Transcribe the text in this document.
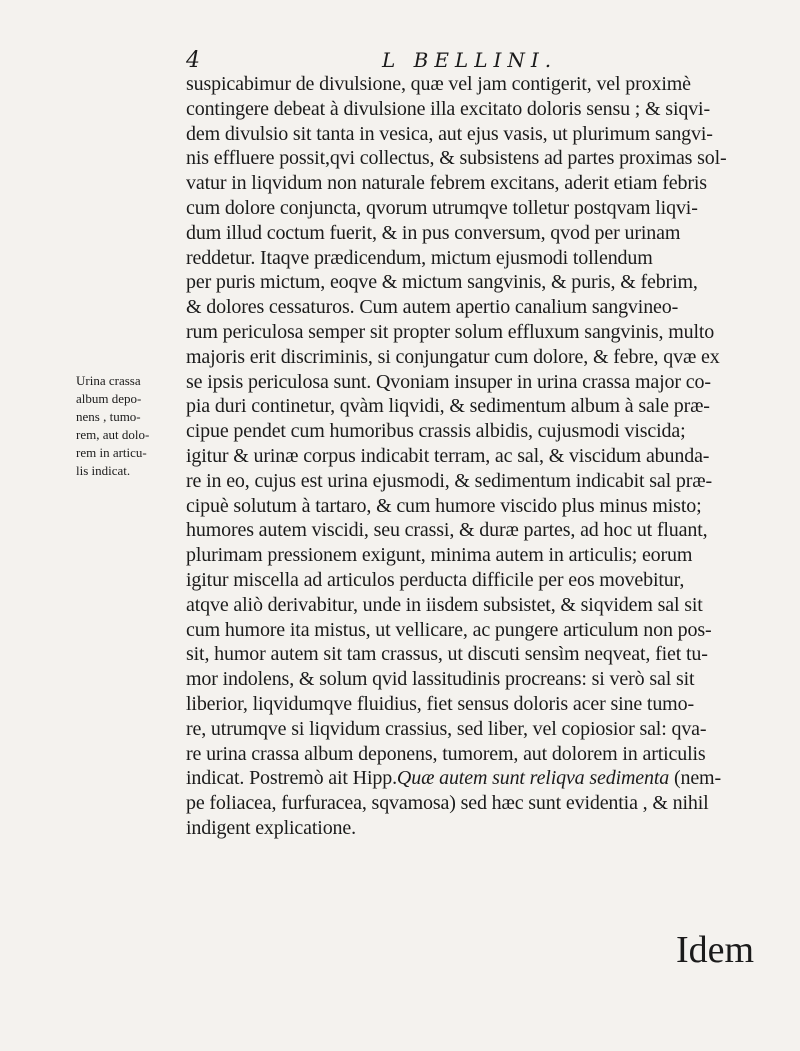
4	L BELLINI.
Urina crassa
album depo-
nens , tumo-
rem, aut dolo-
rem in articu-
lis indicat.
suspicabimur de divulsione, quæ vel jam contigerit, vel proximè
contingere debeat à divulsione illa excitato doloris sensu ; & siqvi-
dem divulsio sit tanta in vesica, aut ejus vasis, ut plurimum sangvi-
nis effluere possit,qvi collectus, & subsistens ad partes proximas sol-
vatur in liqvidum non naturale febrem excitans, aderit etiam febris
cum dolore conjuncta, qvorum utrumqve tolletur postqvam liqvi-
dum illud coctum fuerit, & in pus conversum, qvod per urinam
reddetur. Itaqve prædicendum, mictum ejusmodi tollendum
per puris mictum, eoqve & mictum sangvinis, & puris, & febrim,
& dolores cessaturos. Cum autem apertio canalium sangvineo-
rum periculosa semper sit propter solum effluxum sangvinis, multo
majoris erit discriminis, si conjungatur cum dolore, & febre, qvæ ex
se ipsis periculosa sunt. Qvoniam insuper in urina crassa major co-
pia duri continetur, qvàm liqvidi, & sedimentum album à sale præ-
cipue pendet cum humoribus crassis albidis, cujusmodi viscida;
igitur & urinæ corpus indicabit terram, ac sal, & viscidum abunda-
re in eo, cujus est urina ejusmodi, & sedimentum indicabit sal præ-
cipuè solutum à tartaro, & cum humore viscido plus minus misto;
humores autem viscidi, seu crassi, & duræ partes, ad hoc ut fluant,
plurimam pressionem exigunt, minima autem in articulis; eorum
igitur miscella ad articulos perducta difficile per eos movebitur,
atqve aliò derivabitur, unde in iisdem subsistet, & siqvidem sal sit
cum humore ita mistus, ut vellicare, ac pungere articulum non pos-
sit, humor autem sit tam crassus, ut discuti sensìm neqveat, fiet tu-
mor indolens, & solum qvid lassitudinis procreans: si verò sal sit
liberior, liqvidumqve fluidius, fiet sensus doloris acer sine tumo-
re, utrumqve si liqvidum crassius, sed liber, vel copiosior sal: qva-
re urina crassa album deponens, tumorem, aut dolorem in articulis
indicat. Postremò ait Hipp.Quæ autem sunt reliqva sedimenta (nem-
pe foliacea, furfuracea, sqvamosa) sed hæc sunt evidentia , & nihil
indigent explicatione.
Idem
